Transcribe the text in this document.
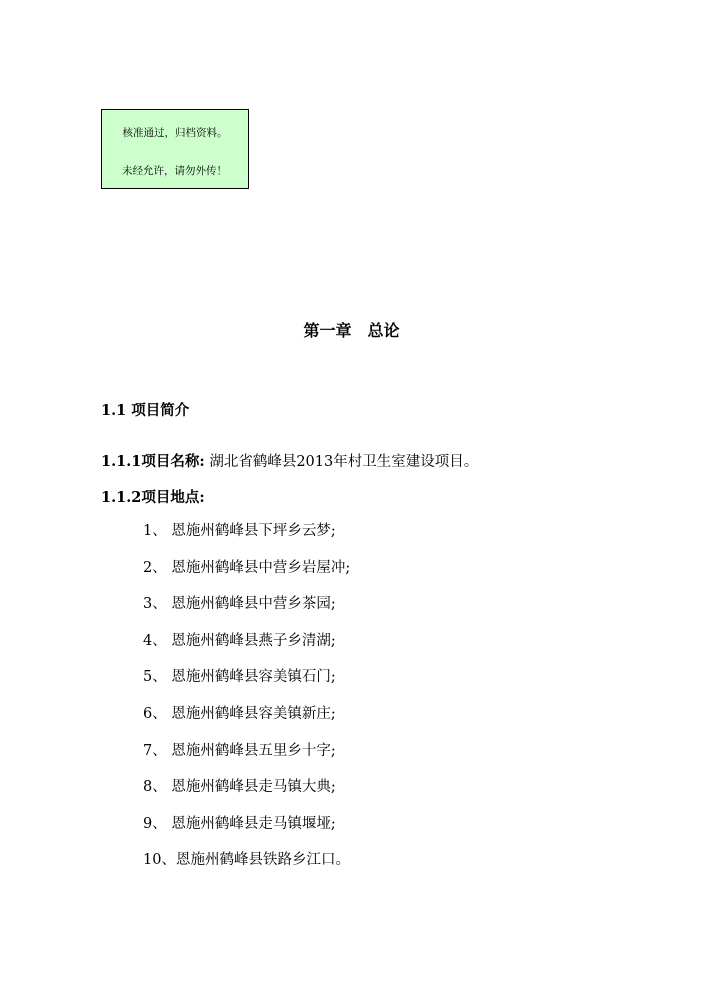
核准通过，归档资料。
未经允许，请勿外传！
第一章　总论
1.1 项目简介
1.1.1项目名称: 湖北省鹤峰县2013年村卫生室建设项目。
1.1.2项目地点:
1、 恩施州鹤峰县下坪乡云梦;
2、 恩施州鹤峰县中营乡岩屋冲;
3、 恩施州鹤峰县中营乡茶园;
4、 恩施州鹤峰县燕子乡清湖;
5、 恩施州鹤峰县容美镇石门;
6、 恩施州鹤峰县容美镇新庄;
7、 恩施州鹤峰县五里乡十字;
8、 恩施州鹤峰县走马镇大典;
9、 恩施州鹤峰县走马镇堰垭;
10、恩施州鹤峰县铁路乡江口。
